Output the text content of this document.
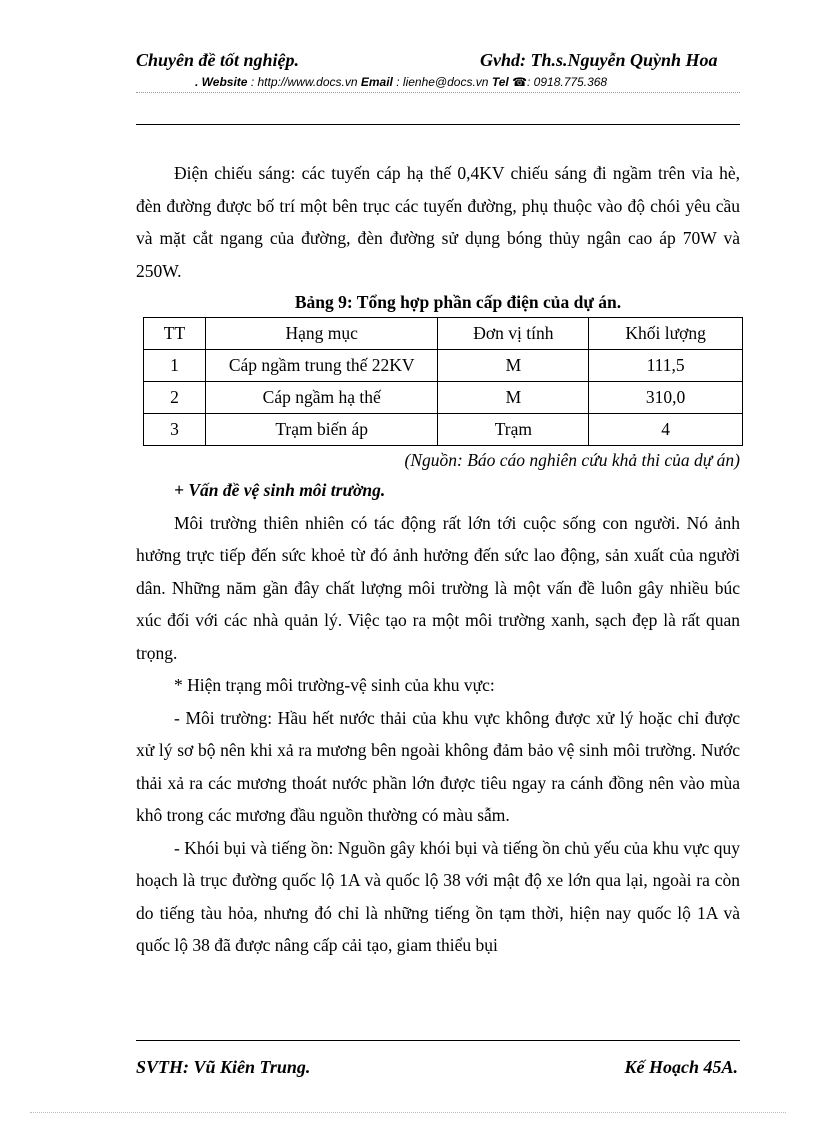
Chuyên đề tốt nghiệp.	Gvhd: Th.s.Nguyễn Quỳnh Hoa
. Website : http://www.docs.vn Email : lienhe@docs.vn Tel ☎: 0918.775.368

Điện chiếu sáng: các tuyến cáp hạ thế 0,4KV chiếu sáng đi ngầm trên vỉa hè, đèn đường được bố trí một bên trục các tuyến đường, phụ thuộc vào độ chói yêu cầu và mặt cắt ngang của đường, đèn đường sử dụng bóng thủy ngân cao áp 70W và 250W.

Bảng 9: Tổng hợp phần cấp điện của dự án.

TT	Hạng mục	Đơn vị tính	Khối lượng
1	Cáp ngầm trung thế 22KV	M	111,5
2	Cáp ngầm hạ thế	M	310,0
3	Trạm biến áp	Trạm	4

(Nguồn: Báo cáo nghiên cứu khả thi của dự án)

+ Vấn đề vệ sinh môi trường.

Môi trường thiên nhiên có tác động rất lớn tới cuộc sống con người. Nó ảnh hưởng trực tiếp đến sức khoẻ từ đó ảnh hưởng đến sức lao động, sản xuất của người dân. Những năm gần đây chất lượng môi trường là một vấn đề luôn gây nhiều búc xúc đối với các nhà quản lý. Việc tạo ra một môi trường xanh, sạch đẹp là rất quan trọng.

* Hiện trạng môi trường-vệ sinh của khu vực:

- Môi trường: Hầu hết nước thải của khu vực không được xử lý hoặc chỉ được xử lý sơ bộ nên khi xả ra mương bên ngoài không đảm bảo vệ sinh môi trường. Nước thải xả ra các mương thoát nước phần lớn được tiêu ngay ra cánh đồng nên vào mùa khô trong các mương đầu nguồn thường có màu sẫm.

- Khói bụi và tiếng ồn: Nguồn gây khói bụi và tiếng ồn chủ yếu của khu vực quy hoạch là trục đường quốc lộ 1A và quốc lộ 38 với mật độ xe lớn qua lại, ngoài ra còn do tiếng tàu hỏa, nhưng đó chỉ là những tiếng ồn tạm thời, hiện nay quốc lộ 1A và quốc lộ 38 đã được nâng cấp cải tạo, giam thiểu bụi

SVTH: Vũ Kiên Trung.	Kế Hoạch 45A.
